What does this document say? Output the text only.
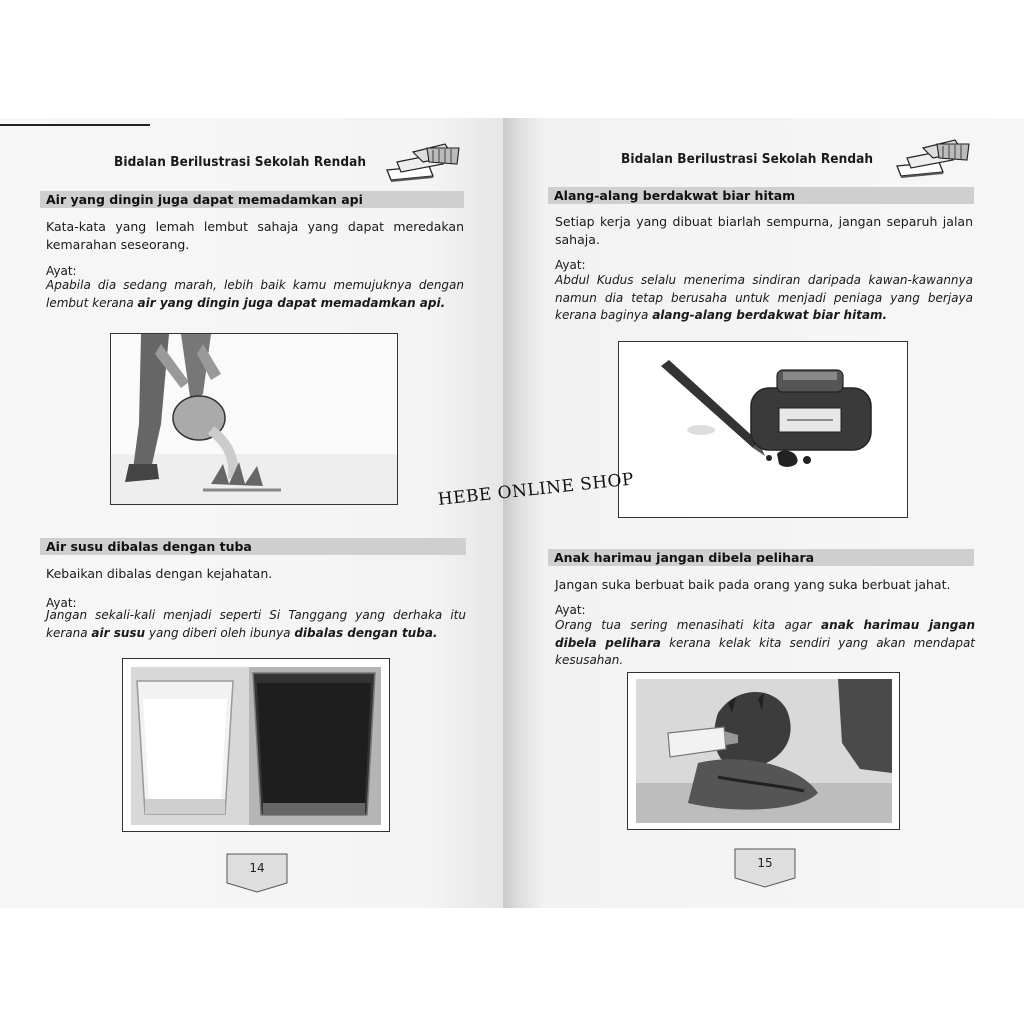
Bidalan Berilustrasi Sekolah Rendah
Air yang dingin juga dapat memadamkan api
Kata-kata yang lemah lembut sahaja yang dapat meredakan kemarahan seseorang.
Ayat:
Apabila dia sedang marah, lebih baik kamu memujuknya dengan lembut kerana air yang dingin juga dapat memadamkan api.
Air susu dibalas dengan tuba
Kebaikan dibalas dengan kejahatan.
Ayat:
Jangan sekali-kali menjadi seperti Si Tanggang yang derhaka itu kerana air susu yang diberi oleh ibunya dibalas dengan tuba.
14
Bidalan Berilustrasi Sekolah Rendah
Alang-alang berdakwat biar hitam
Setiap kerja yang dibuat biarlah sempurna, jangan separuh jalan sahaja.
Ayat:
Abdul Kudus selalu menerima sindiran daripada kawan-kawannya namun dia tetap berusaha untuk menjadi peniaga yang berjaya kerana baginya alang-alang berdakwat biar hitam.
Anak harimau jangan dibela pelihara
Jangan suka berbuat baik pada orang yang suka berbuat jahat.
Ayat:
Orang tua sering menasihati kita agar anak harimau jangan dibela pelihara kerana kelak kita sendiri yang akan mendapat kesusahan.
15
HEBE ONLINE SHOP
